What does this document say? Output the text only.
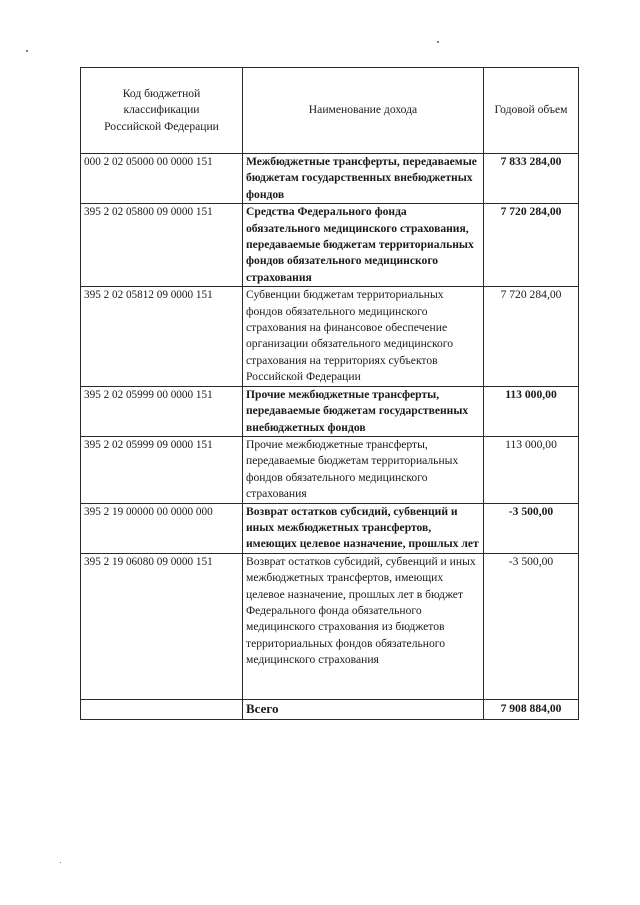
Код бюджетной классификации Российской Федерации	Наименование дохода	Годовой объем
000 2 02 05000 00 0000 151	Межбюджетные трансферты, передаваемые бюджетам государственных внебюджетных фондов	7 833 284,00
395 2 02 05800 09 0000 151	Средства Федерального фонда обязательного медицинского страхования, передаваемые бюджетам территориальных фондов обязательного медицинского страхования	7 720 284,00
395 2 02 05812 09 0000 151	Субвенции бюджетам территориальных фондов обязательного медицинского страхования на финансовое обеспечение организации обязательного медицинского страхования на территориях субъектов Российской Федерации	7 720 284,00
395 2 02 05999 00 0000 151	Прочие межбюджетные трансферты, передаваемые бюджетам государственных внебюджетных фондов	113 000,00
395 2 02 05999 09 0000 151	Прочие межбюджетные трансферты, передаваемые бюджетам территориальных фондов обязательного медицинского страхования	113 000,00
395 2 19 00000 00 0000 000	Возврат остатков субсидий, субвенций и иных межбюджетных трансфертов, имеющих целевое назначение, прошлых лет	-3 500,00
395 2 19 06080 09 0000 151	Возврат остатков субсидий, субвенций и иных межбюджетных трансфертов, имеющих целевое назначение, прошлых лет в бюджет Федерального фонда обязательного медицинского страхования из бюджетов территориальных фондов обязательного медицинского страхования	-3 500,00
	Всего	7 908 884,00
